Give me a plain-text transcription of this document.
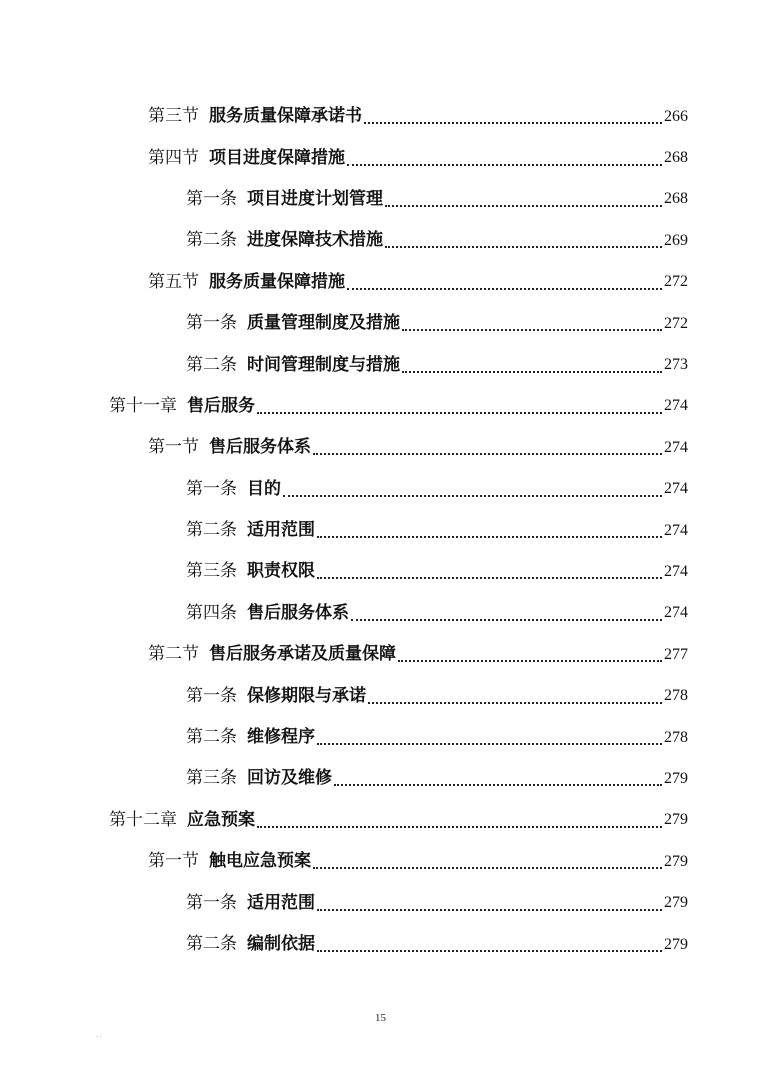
第三节 服务质量保障承诺书	266
第四节 项目进度保障措施	268
第一条 项目进度计划管理	268
第二条 进度保障技术措施	269
第五节 服务质量保障措施	272
第一条 质量管理制度及措施	272
第二条 时间管理制度与措施	273
第十一章 售后服务	274
第一节 售后服务体系	274
第一条 目的	274
第二条 适用范围	274
第三条 职责权限	274
第四条 售后服务体系	274
第二节 售后服务承诺及质量保障	277
第一条 保修期限与承诺	278
第二条 维修程序	278
第三条 回访及维修	279
第十二章 应急预案	279
第一节 触电应急预案	279
第一条 适用范围	279
第二条 编制依据	279
15
..
